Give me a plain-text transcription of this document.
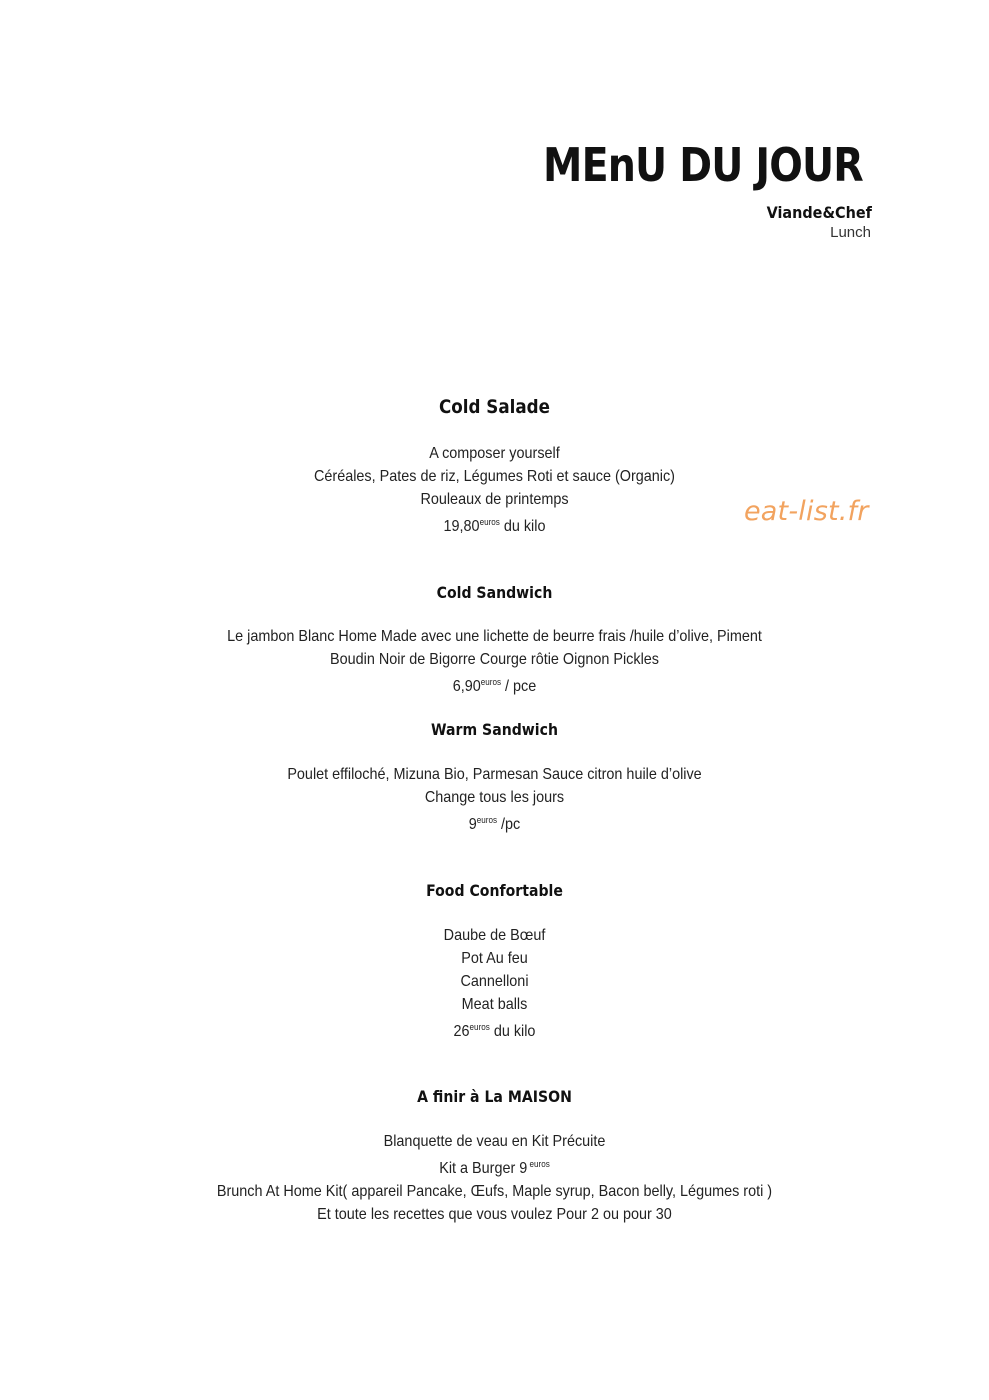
MEnU DU JOUR
Viande&Chef
Lunch
eat-list.fr
Cold Salade
A composer yourself
Céréales, Pates de riz, Légumes Roti et sauce (Organic)
Rouleaux de printemps
$19,80^{euros}$ du kilo
Cold Sandwich
Le jambon Blanc Home Made avec une lichette de beurre frais /huile d’olive, Piment
Boudin Noir de Bigorre Courge rôtie Oignon Pickles
$6,90^{euros}$ / pce
Warm Sandwich
Poulet effiloché, Mizuna Bio, Parmesan Sauce citron huile d’olive
Change tous les jours
$9^{euros}$ /pc
Food Confortable
Daube de Bœuf
Pot Au feu
Cannelloni
Meat balls
$26^{euros}$ du kilo
A finir à La MAISON
Blanquette de veau en Kit Précuite
Kit a Burger 9 $^{euros}$
Brunch At Home Kit( appareil Pancake, Œufs, Maple syrup, Bacon belly, Légumes roti )
Et toute les recettes que vous voulez Pour 2 ou pour 30
